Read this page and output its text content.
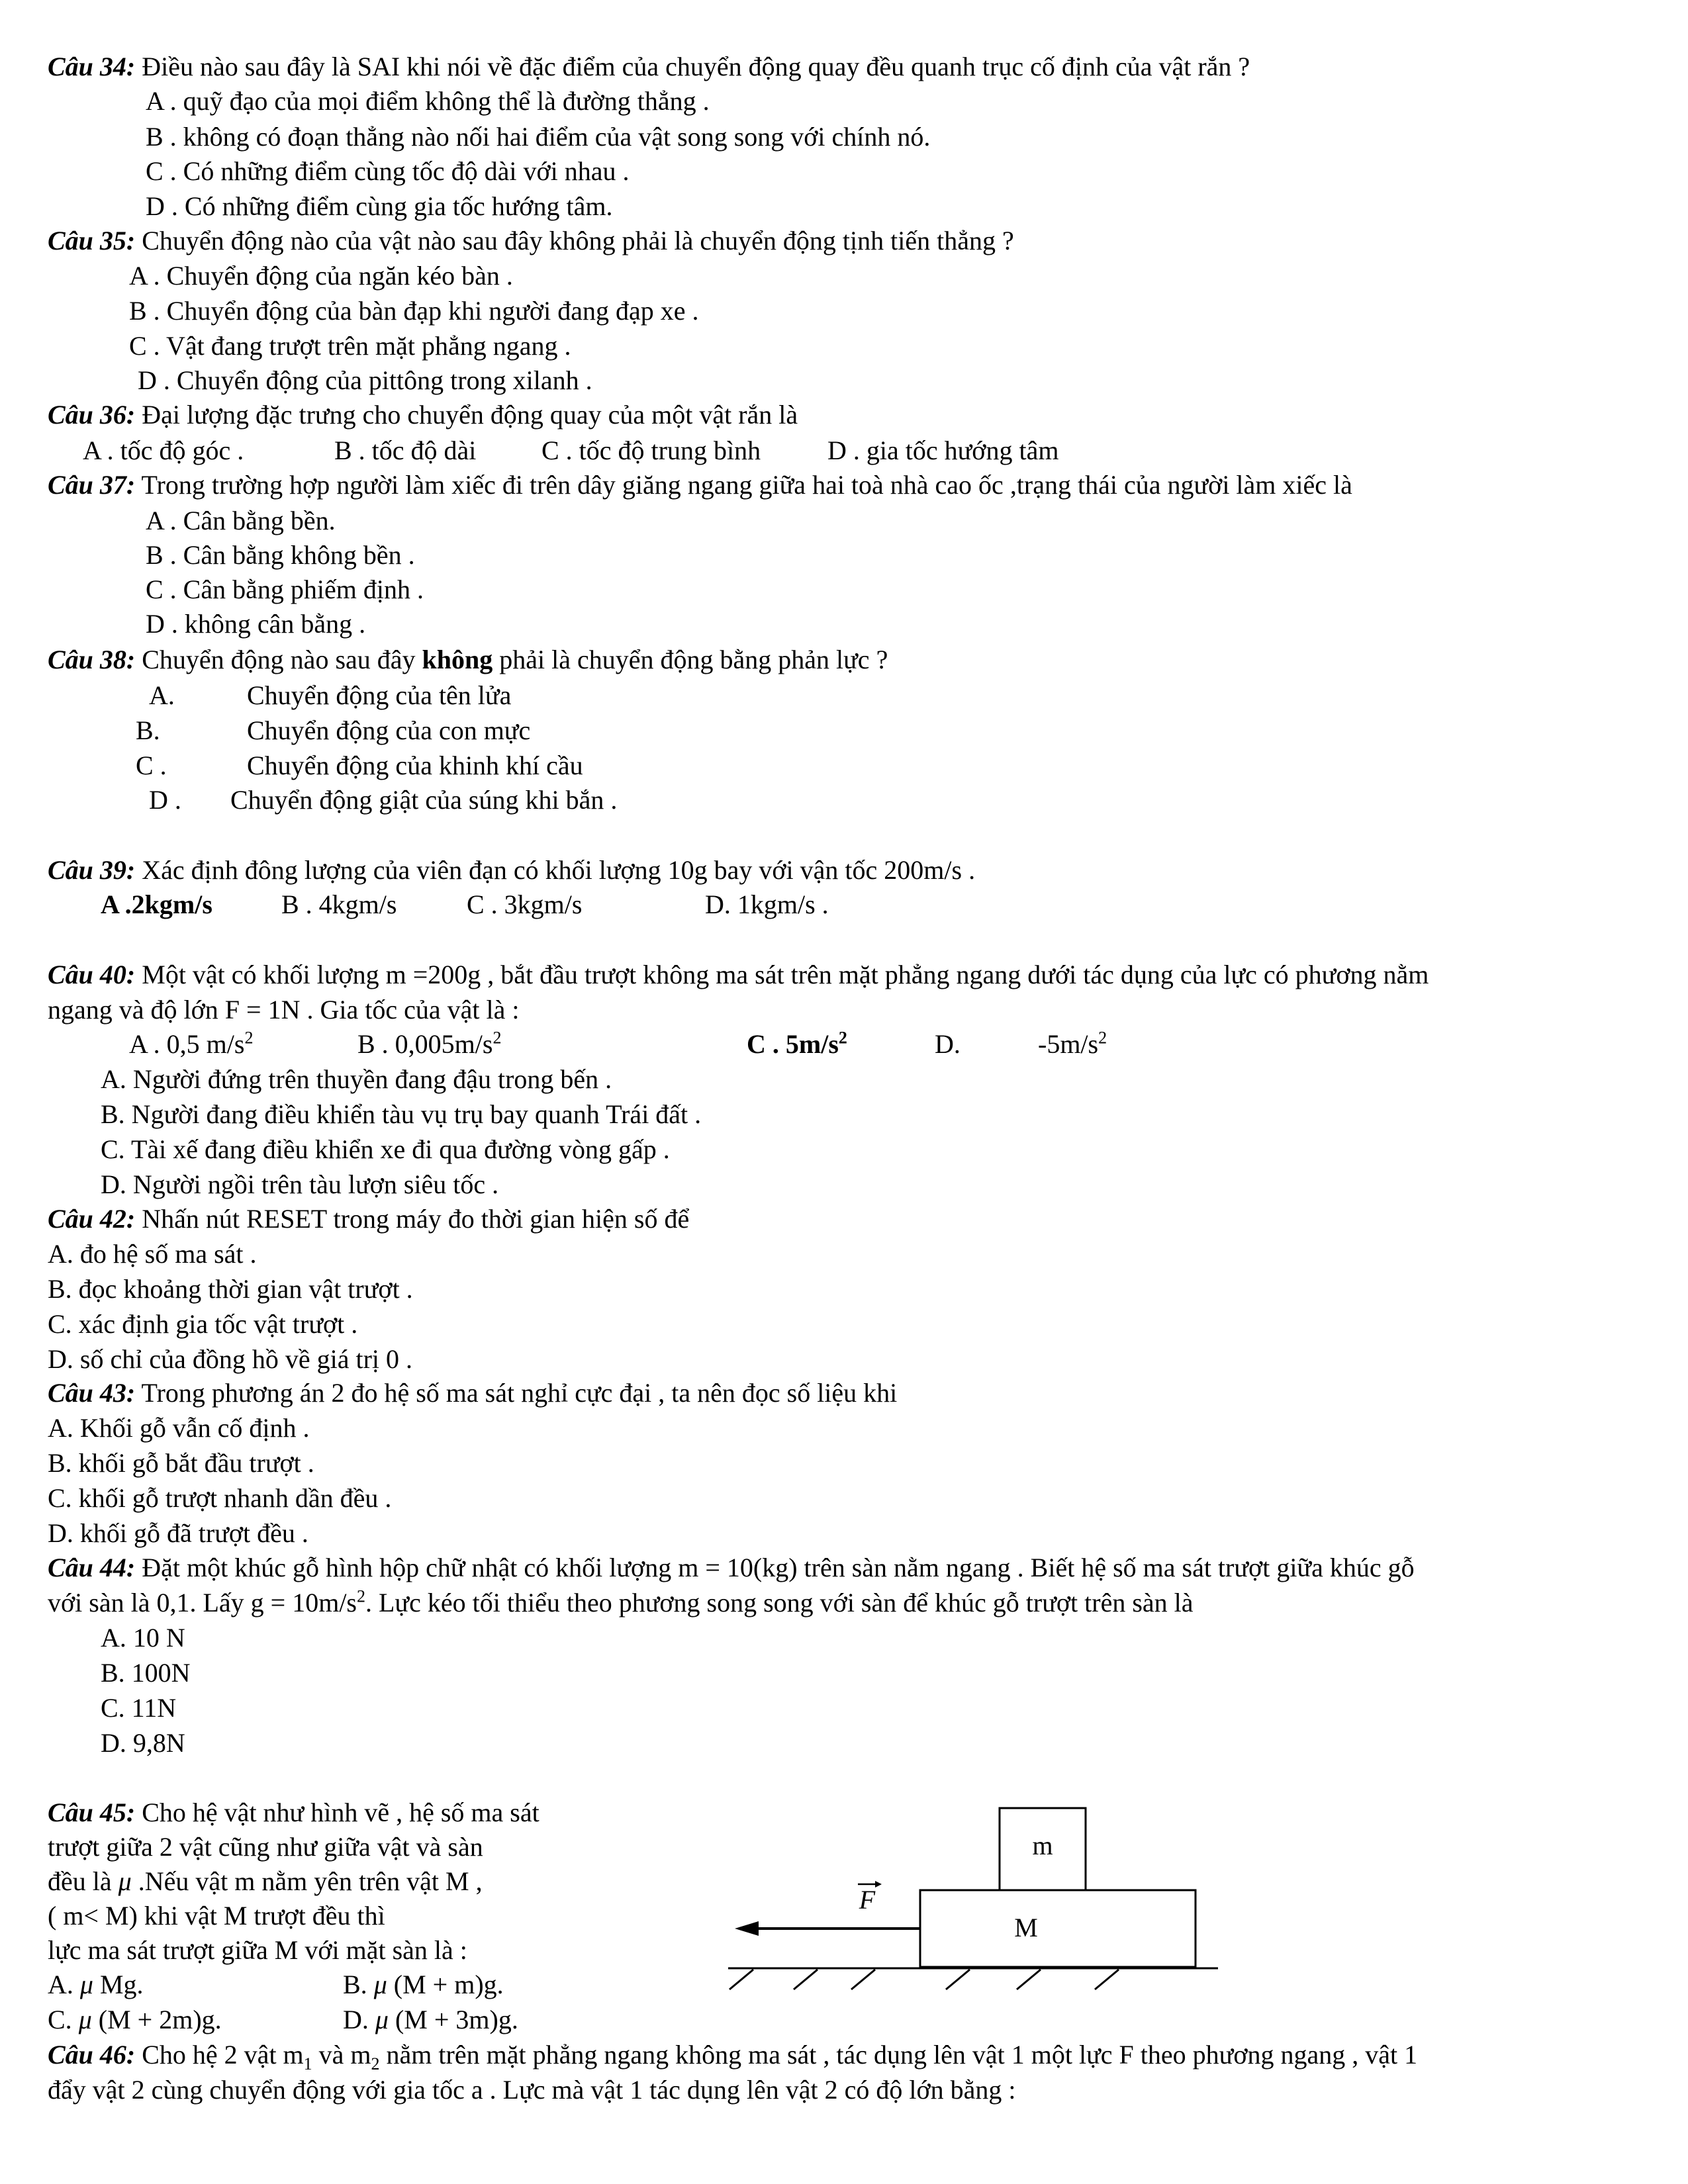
Câu 34: Điều nào sau đây là SAI khi nói về đặc điểm của chuyển động quay đều quanh trục cố định của vật rắn ?
A . quỹ đạo của mọi điểm không thể là đường thẳng .
B . không có đoạn thẳng nào nối hai điểm của vật song song với chính nó.
C . Có những điểm cùng tốc độ dài với nhau .
D . Có những điểm cùng gia tốc hướng tâm.
Câu 35: Chuyển động nào của vật nào sau đây không phải là chuyển động tịnh tiến thẳng ?
A . Chuyển động của ngăn kéo bàn .
B . Chuyển động của bàn đạp khi người đang đạp xe .
C . Vật đang trượt trên mặt phẳng ngang .
D . Chuyển động của pittông trong xilanh .
Câu 36: Đại lượng đặc trưng cho chuyển động quay của một vật rắn là
A . tốc độ góc .	B . tốc độ dài C . tốc độ trung bình	D . gia tốc hướng tâm
Câu 37: Trong trường hợp người làm xiếc đi trên dây giăng ngang giữa hai toà nhà cao ốc ,trạng thái của người làm xiếc là
A . Cân bằng bền.
B . Cân bằng không bền .
C . Cân bằng phiếm định .
D . không cân bằng .
Câu 38: Chuyển động nào sau đây không phải là chuyển động bằng phản lực ?
A.	Chuyển động của tên lửa
B.	Chuyển động của con mực
C .	Chuyển động của khinh khí cầu
D . Chuyển động giật của súng khi bắn .
Câu 39: Xác định đông lượng của viên đạn có khối lượng 10g bay với vận tốc 200m/s .
A .2kgm/s	B . 4kgm/s	C . 3kgm/s	D. 1kgm/s .
Câu 40: Một vật có khối lượng m =200g , bắt đầu trượt không ma sát trên mặt phẳng ngang dưới tác dụng của lực có phương nằm
ngang và độ lớn F = 1N . Gia tốc của vật là :
A . 0,5 $m/s^2$	B . $0,005m/s^2$	C . $5m/s^2$	D.	$-5m/s^2$
A. Người đứng trên thuyền đang đậu trong bến .
B. Người đang điều khiển tàu vụ trụ bay quanh Trái đất .
C. Tài xế đang điều khiển xe đi qua đường vòng gấp .
D. Người ngồi trên tàu lượn siêu tốc .
Câu 42: Nhấn nút RESET trong máy đo thời gian hiện số để
A. đo hệ số ma sát .
B. đọc khoảng thời gian vật trượt .
C. xác định gia tốc vật trượt .
D. số chỉ của đồng hồ về giá trị 0 .
Câu 43: Trong phương án 2 đo hệ số ma sát nghỉ cực đại , ta nên đọc số liệu khi
A. Khối gỗ vẫn cố định .
B. khối gỗ bắt đầu trượt .
C. khối gỗ trượt nhanh dần đều .
D. khối gỗ đã trượt đều .
Câu 44: Đặt một khúc gỗ hình hộp chữ nhật có khối lượng m = 10(kg) trên sàn nằm ngang . Biết hệ số ma sát trượt giữa khúc gỗ
với sàn là 0,1. Lấy $g = 10m/s^2$. Lực kéo tối thiểu theo phương song song với sàn để khúc gỗ trượt trên sàn là
A. 10 N
B. 100N
C. 11N
D. 9,8N
Câu 45: Cho hệ vật như hình vẽ , hệ số ma sát
trượt giữa 2 vật cũng như giữa vật và sàn
đều là μ .Nếu vật m nằm yên trên vật M ,
( m< M) khi vật M trượt đều thì
lực ma sát trượt giữa M với mặt sàn là :
A. μ Mg.	B. μ (M + m)g.
C. μ (M + 2m)g.	D. μ (M + 3m)g.
m
M
F
Câu 46: Cho hệ 2 vật $m_1$ và $m_2$ nằm trên mặt phẳng ngang không ma sát , tác dụng lên vật 1 một lực F theo phương ngang , vật 1
đẩy vật 2 cùng chuyển động với gia tốc a . Lực mà vật 1 tác dụng lên vật 2 có độ lớn bằng :
